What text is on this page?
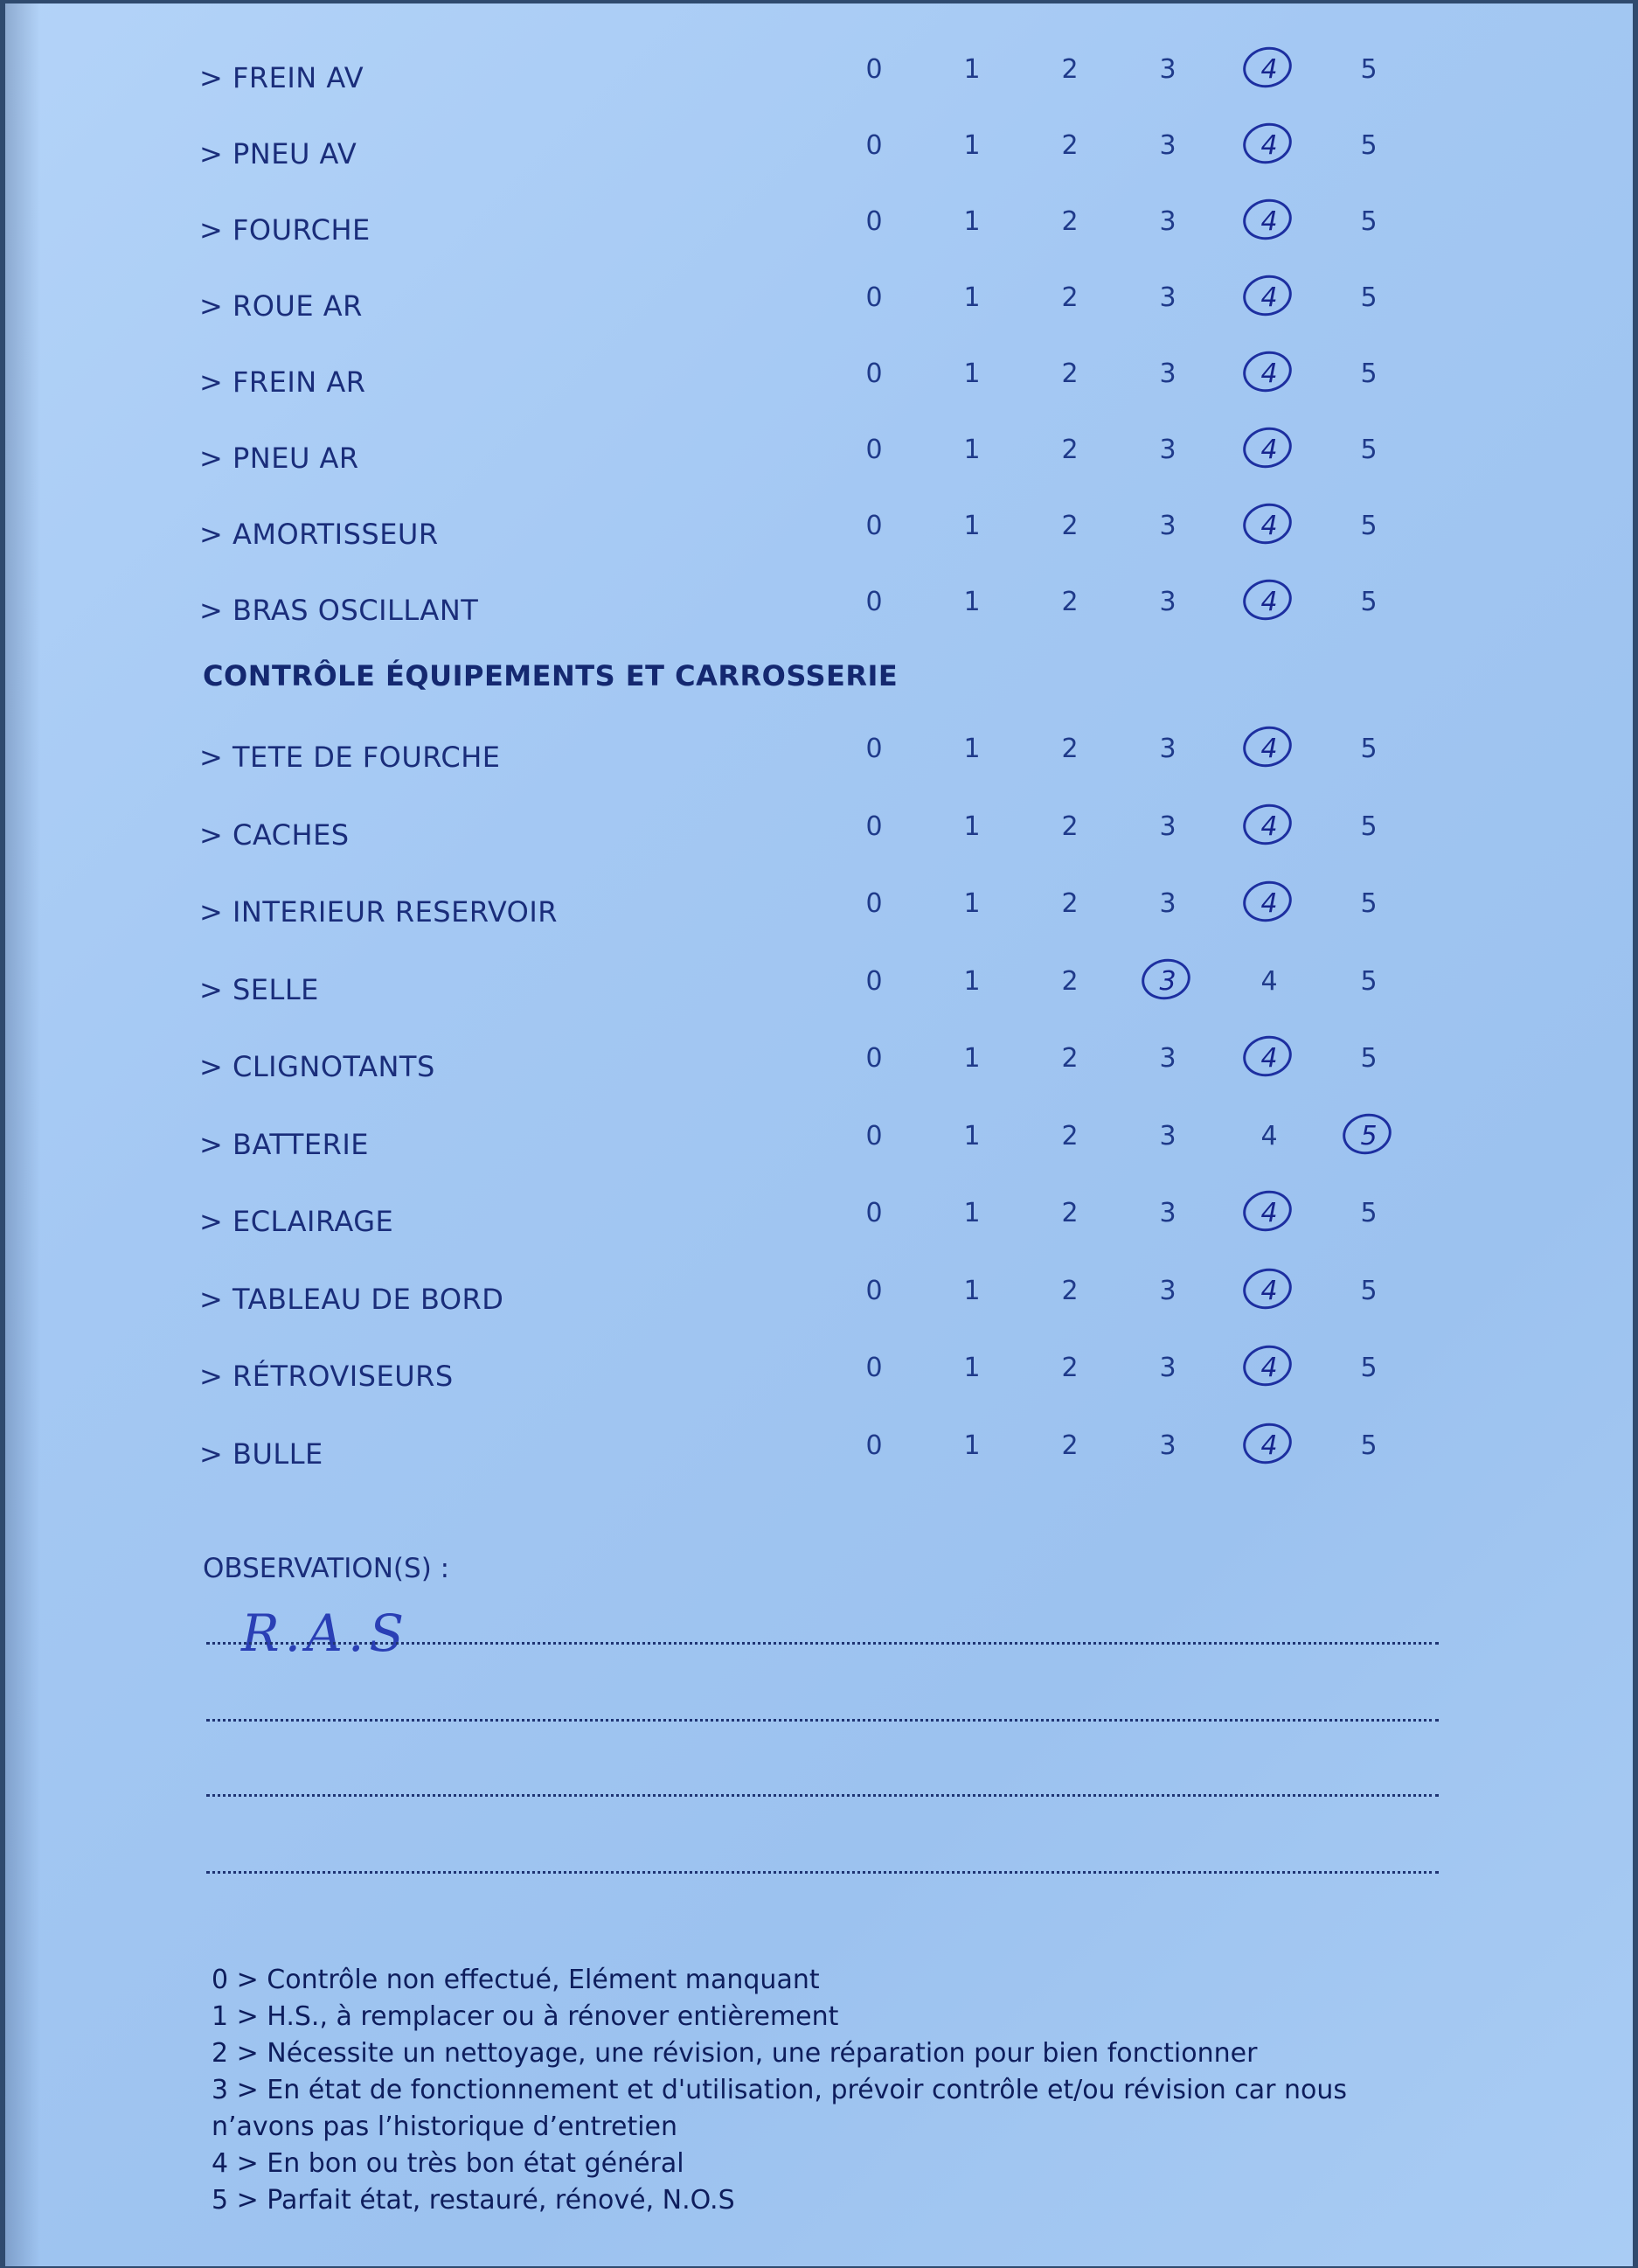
> FREIN AV	0	1	2	3	4	5
> PNEU AV	0	1	2	3	4	5
> FOURCHE	0	1	2	3	4	5
> ROUE AR	0	1	2	3	4	5
> FREIN AR	0	1	2	3	4	5
> PNEU AR	0	1	2	3	4	5
> AMORTISSEUR	0	1	2	3	4	5
> BRAS OSCILLANT	0	1	2	3	4	5
CONTRÔLE ÉQUIPEMENTS ET CARROSSERIE
> TETE DE FOURCHE	0	1	2	3	4	5
> CACHES	0	1	2	3	4	5
> INTERIEUR RESERVOIR	0	1	2	3	4	5
> SELLE	0	1	2	3	4	5
> CLIGNOTANTS	0	1	2	3	4	5
> BATTERIE	0	1	2	3	4	5
> ECLAIRAGE	0	1	2	3	4	5
> TABLEAU DE BORD	0	1	2	3	4	5
> RÉTROVISEURS	0	1	2	3	4	5
> BULLE	0	1	2	3	4	5
OBSERVATION(S) :
R.A.S
0 > Contrôle non effectué, Elément manquant
1 > H.S., à remplacer ou à rénover entièrement
2 > Nécessite un nettoyage, une révision, une réparation pour bien fonctionner
3 > En état de fonctionnement et d'utilisation, prévoir contrôle et/ou révision car nous
n’avons pas l’historique d’entretien
4 > En bon ou très bon état général
5 > Parfait état, restauré, rénové, N.O.S
